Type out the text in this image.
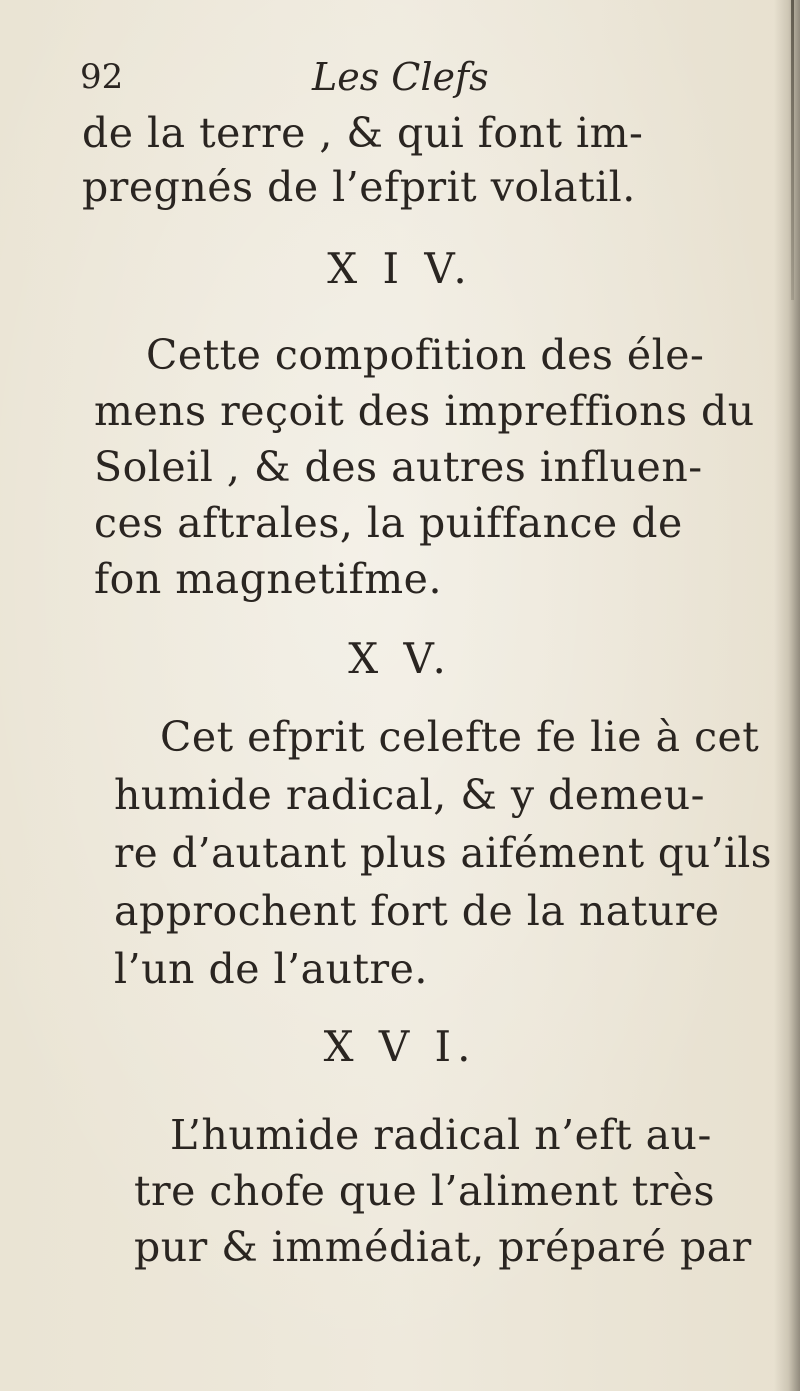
92	Les Clefs
de la terre , & qui font im-
pregnés de l’efprit volatil.
X I V.
Cette compofition des éle-
mens reçoit des impreffions du
Soleil , & des autres influen-
ces aftrales, la puiffance de
fon magnetifme.
X V.
Cet efprit celefte fe lie à cet
humide radical, & y demeu-
re d’autant plus aifément qu’ils
approchent fort de la nature
l’un de l’autre.
X V I.
L’humide radical n’eft au-
tre chofe que l’aliment très
pur & immédiat, préparé par
